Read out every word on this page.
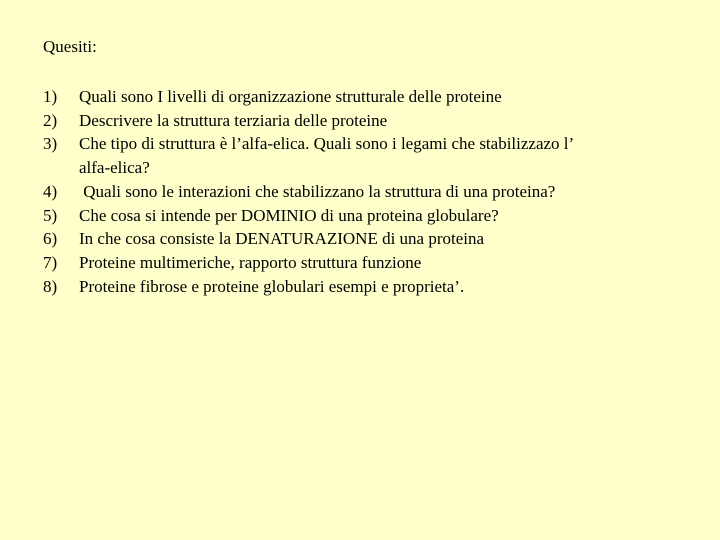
Quesiti:
1) Quali sono I livelli di organizzazione strutturale delle proteine
2) Descrivere la struttura terziaria delle proteine
3) Che tipo di struttura è l’alfa-elica. Quali sono i legami che stabilizzazo l’
alfa-elica?
4) Quali sono le interazioni che stabilizzano la struttura di una proteina?
5) Che cosa si intende per DOMINIO di una proteina globulare?
6) In che cosa consiste la DENATURAZIONE di una proteina
7) Proteine multimeriche, rapporto struttura funzione
8) Proteine fibrose e proteine globulari esempi e proprieta’.
